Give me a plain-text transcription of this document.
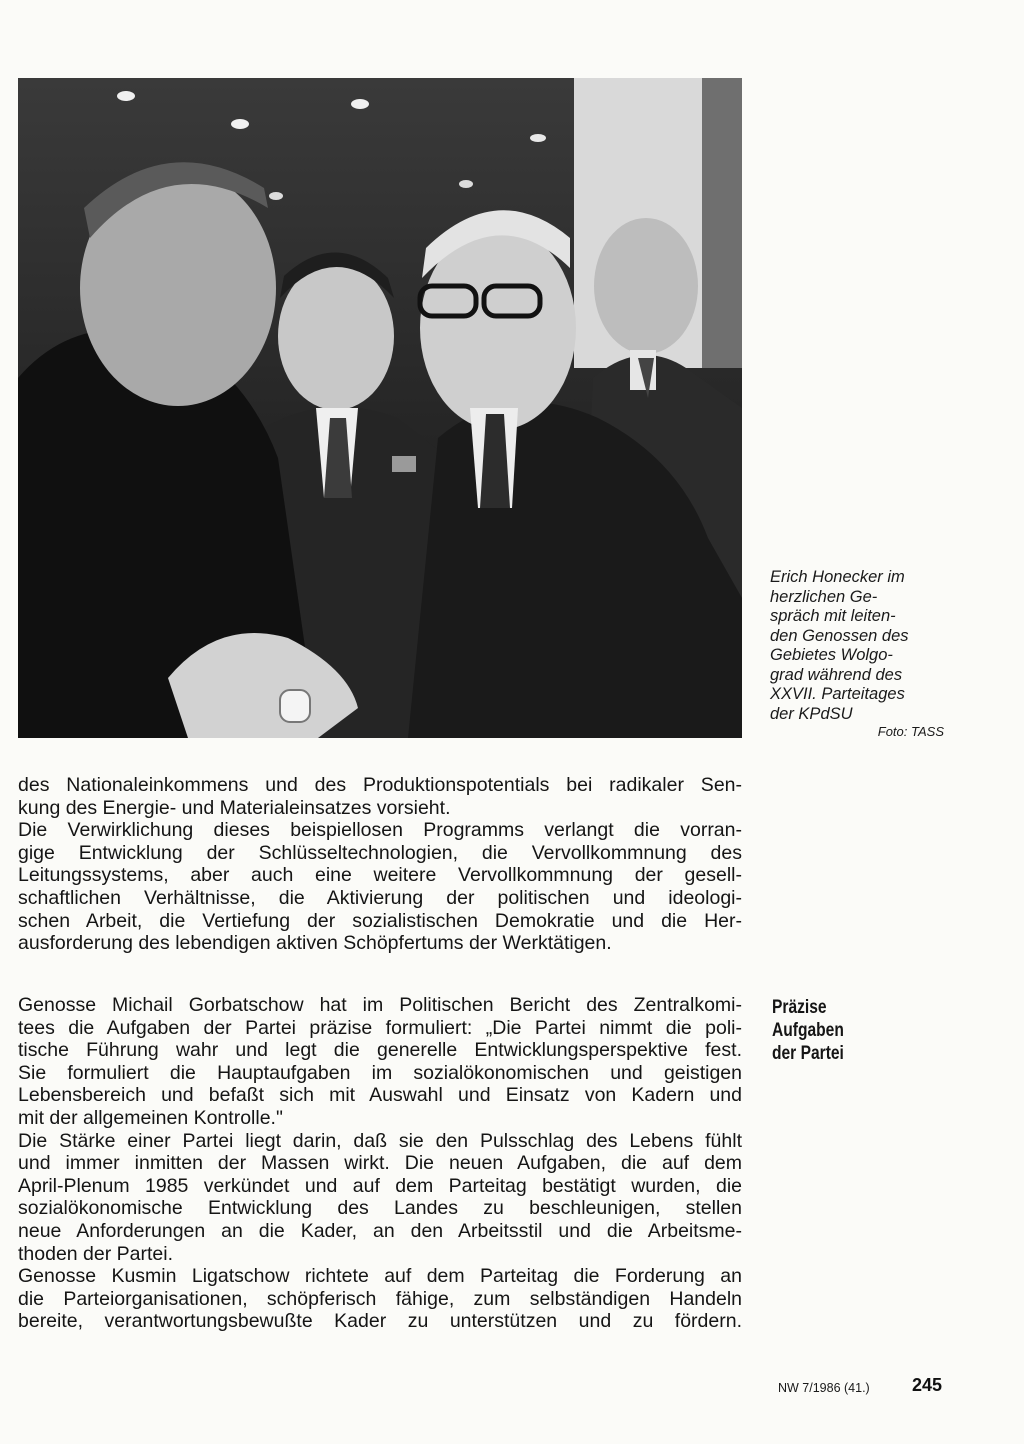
Erich Honecker im
herzlichen Ge-
spräch mit leiten-
den Genossen des
Gebietes Wolgo-
grad während des
XXVII. Parteitages
der KPdSU
Foto: TASS
des Nationaleinkommens und des Produktionspotentials bei radikaler Sen-
kung des Energie- und Materialeinsatzes vorsieht.
Die Verwirklichung dieses beispiellosen Programms verlangt die vorran-
gige Entwicklung der Schlüsseltechnologien, die Vervollkommnung des
Leitungssystems, aber auch eine weitere Vervollkommnung der gesell-
schaftlichen Verhältnisse, die Aktivierung der politischen und ideologi-
schen Arbeit, die Vertiefung der sozialistischen Demokratie und die Her-
ausforderung des lebendigen aktiven Schöpfertums der Werktätigen.
Genosse Michail Gorbatschow hat im Politischen Bericht des Zentralkomi-
tees die Aufgaben der Partei präzise formuliert: „Die Partei nimmt die poli-
tische Führung wahr und legt die generelle Entwicklungsperspektive fest.
Sie formuliert die Hauptaufgaben im sozialökonomischen und geistigen
Lebensbereich und befaßt sich mit Auswahl und Einsatz von Kadern und
mit der allgemeinen Kontrolle."
Die Stärke einer Partei liegt darin, daß sie den Pulsschlag des Lebens fühlt
und immer inmitten der Massen wirkt. Die neuen Aufgaben, die auf dem
April-Plenum 1985 verkündet und auf dem Parteitag bestätigt wurden, die
sozialökonomische Entwicklung des Landes zu beschleunigen, stellen
neue Anforderungen an die Kader, an den Arbeitsstil und die Arbeitsme-
thoden der Partei.
Genosse Kusmin Ligatschow richtete auf dem Parteitag die Forderung an
die Parteiorganisationen, schöpferisch fähige, zum selbständigen Handeln
bereite, verantwortungsbewußte Kader zu unterstützen und zu fördern.
Präzise
Aufgaben
der Partei
NW 7/1986 (41.) 245
